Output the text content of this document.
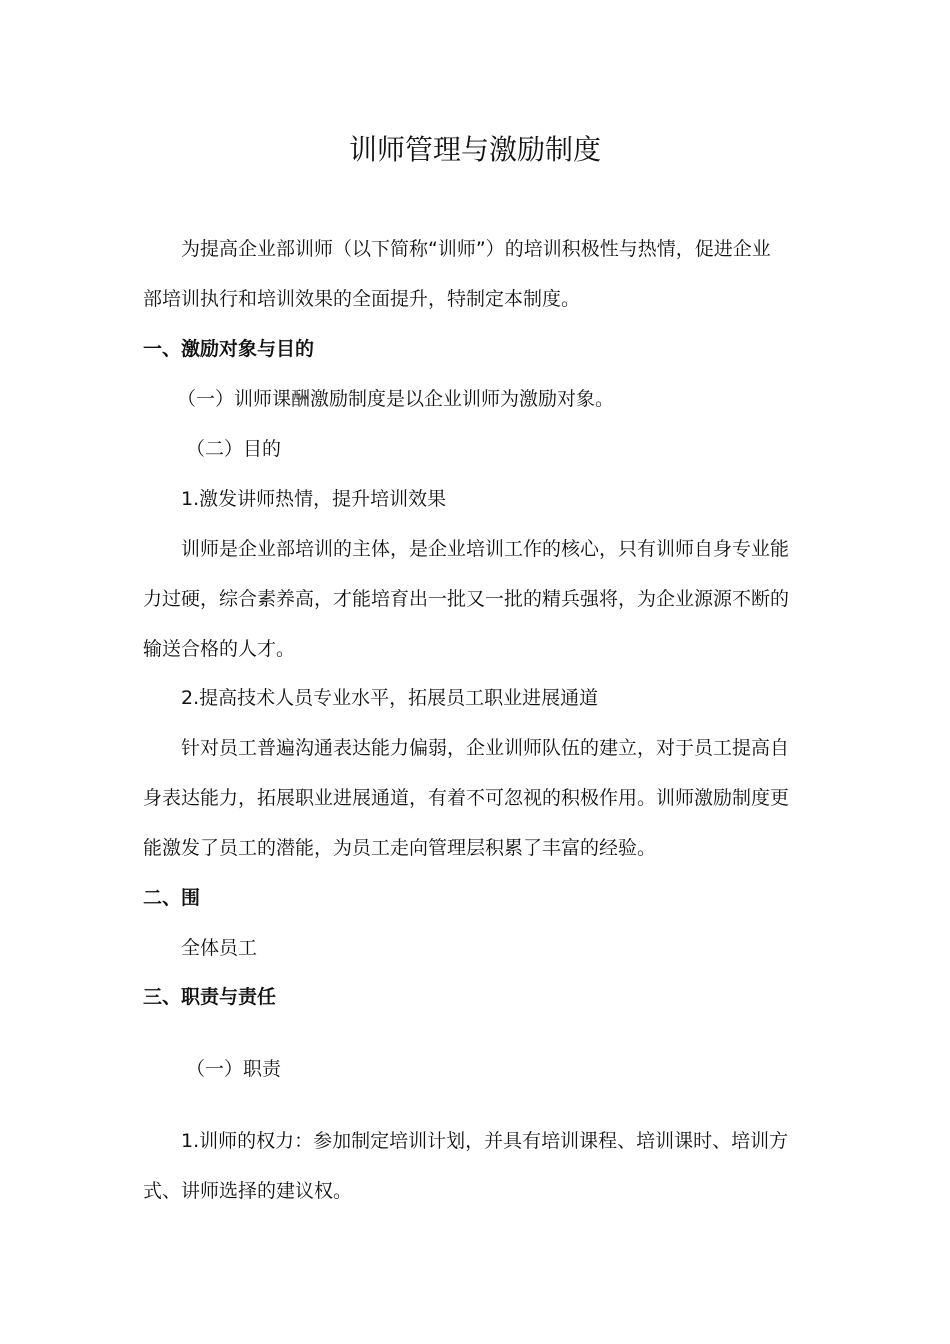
训师管理与激励制度

为提高企业部训师（以下简称“训师”）的培训积极性与热情，促进企业

部培训执行和培训效果的全面提升，特制定本制度。

一、激励对象与目的

（一）训师课酬激励制度是以企业训师为激励对象。

（二）目的

1.激发讲师热情，提升培训效果

训师是企业部培训的主体，是企业培训工作的核心，只有训师自身专业能

力过硬，综合素养高，才能培育出一批又一批的精兵强将，为企业源源不断的

输送合格的人才。

2.提高技术人员专业水平，拓展员工职业进展通道

针对员工普遍沟通表达能力偏弱，企业训师队伍的建立，对于员工提高自

身表达能力，拓展职业进展通道，有着不可忽视的积极作用。训师激励制度更

能激发了员工的潜能，为员工走向管理层积累了丰富的经验。

二、围

全体员工

三、职责与责任

（一）职责

1.训师的权力：参加制定培训计划，并具有培训课程、培训课时、培训方

式、讲师选择的建议权。
